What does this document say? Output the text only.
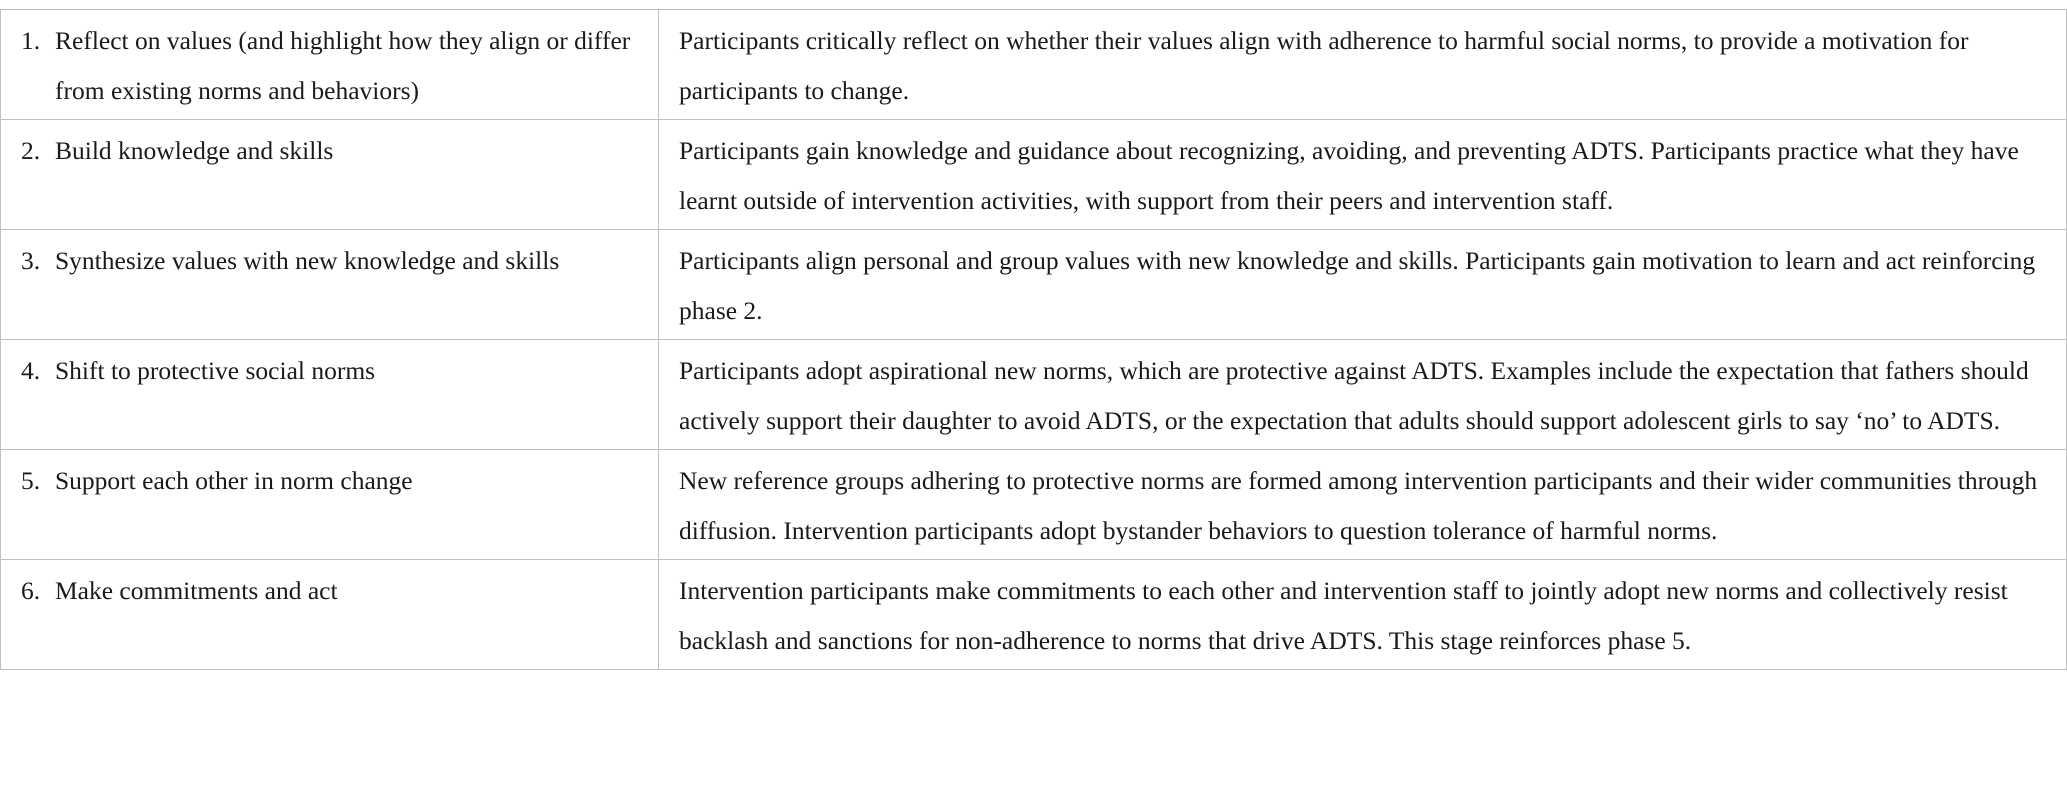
1. Reflect on values (and highlight how they align or differ from existing norms and behaviors)	Participants critically reflect on whether their values align with adherence to harmful social norms, to provide a motivation for participants to change.

2. Build knowledge and skills	Participants gain knowledge and guidance about recognizing, avoiding, and preventing ADTS. Participants practice what they have learnt outside of intervention activities, with support from their peers and intervention staff.

3. Synthesize values with new knowledge and skills	Participants align personal and group values with new knowledge and skills. Participants gain motivation to learn and act reinforcing phase 2.

4. Shift to protective social norms	Participants adopt aspirational new norms, which are protective against ADTS. Examples include the expectation that fathers should actively support their daughter to avoid ADTS, or the expectation that adults should support adolescent girls to say ‘no’ to ADTS.

5. Support each other in norm change	New reference groups adhering to protective norms are formed among intervention participants and their wider communities through diffusion. Intervention participants adopt bystander behaviors to question tolerance of harmful norms.

6. Make commitments and act	Intervention participants make commitments to each other and intervention staff to jointly adopt new norms and collectively resist backlash and sanctions for non-adherence to norms that drive ADTS. This stage reinforces phase 5.
